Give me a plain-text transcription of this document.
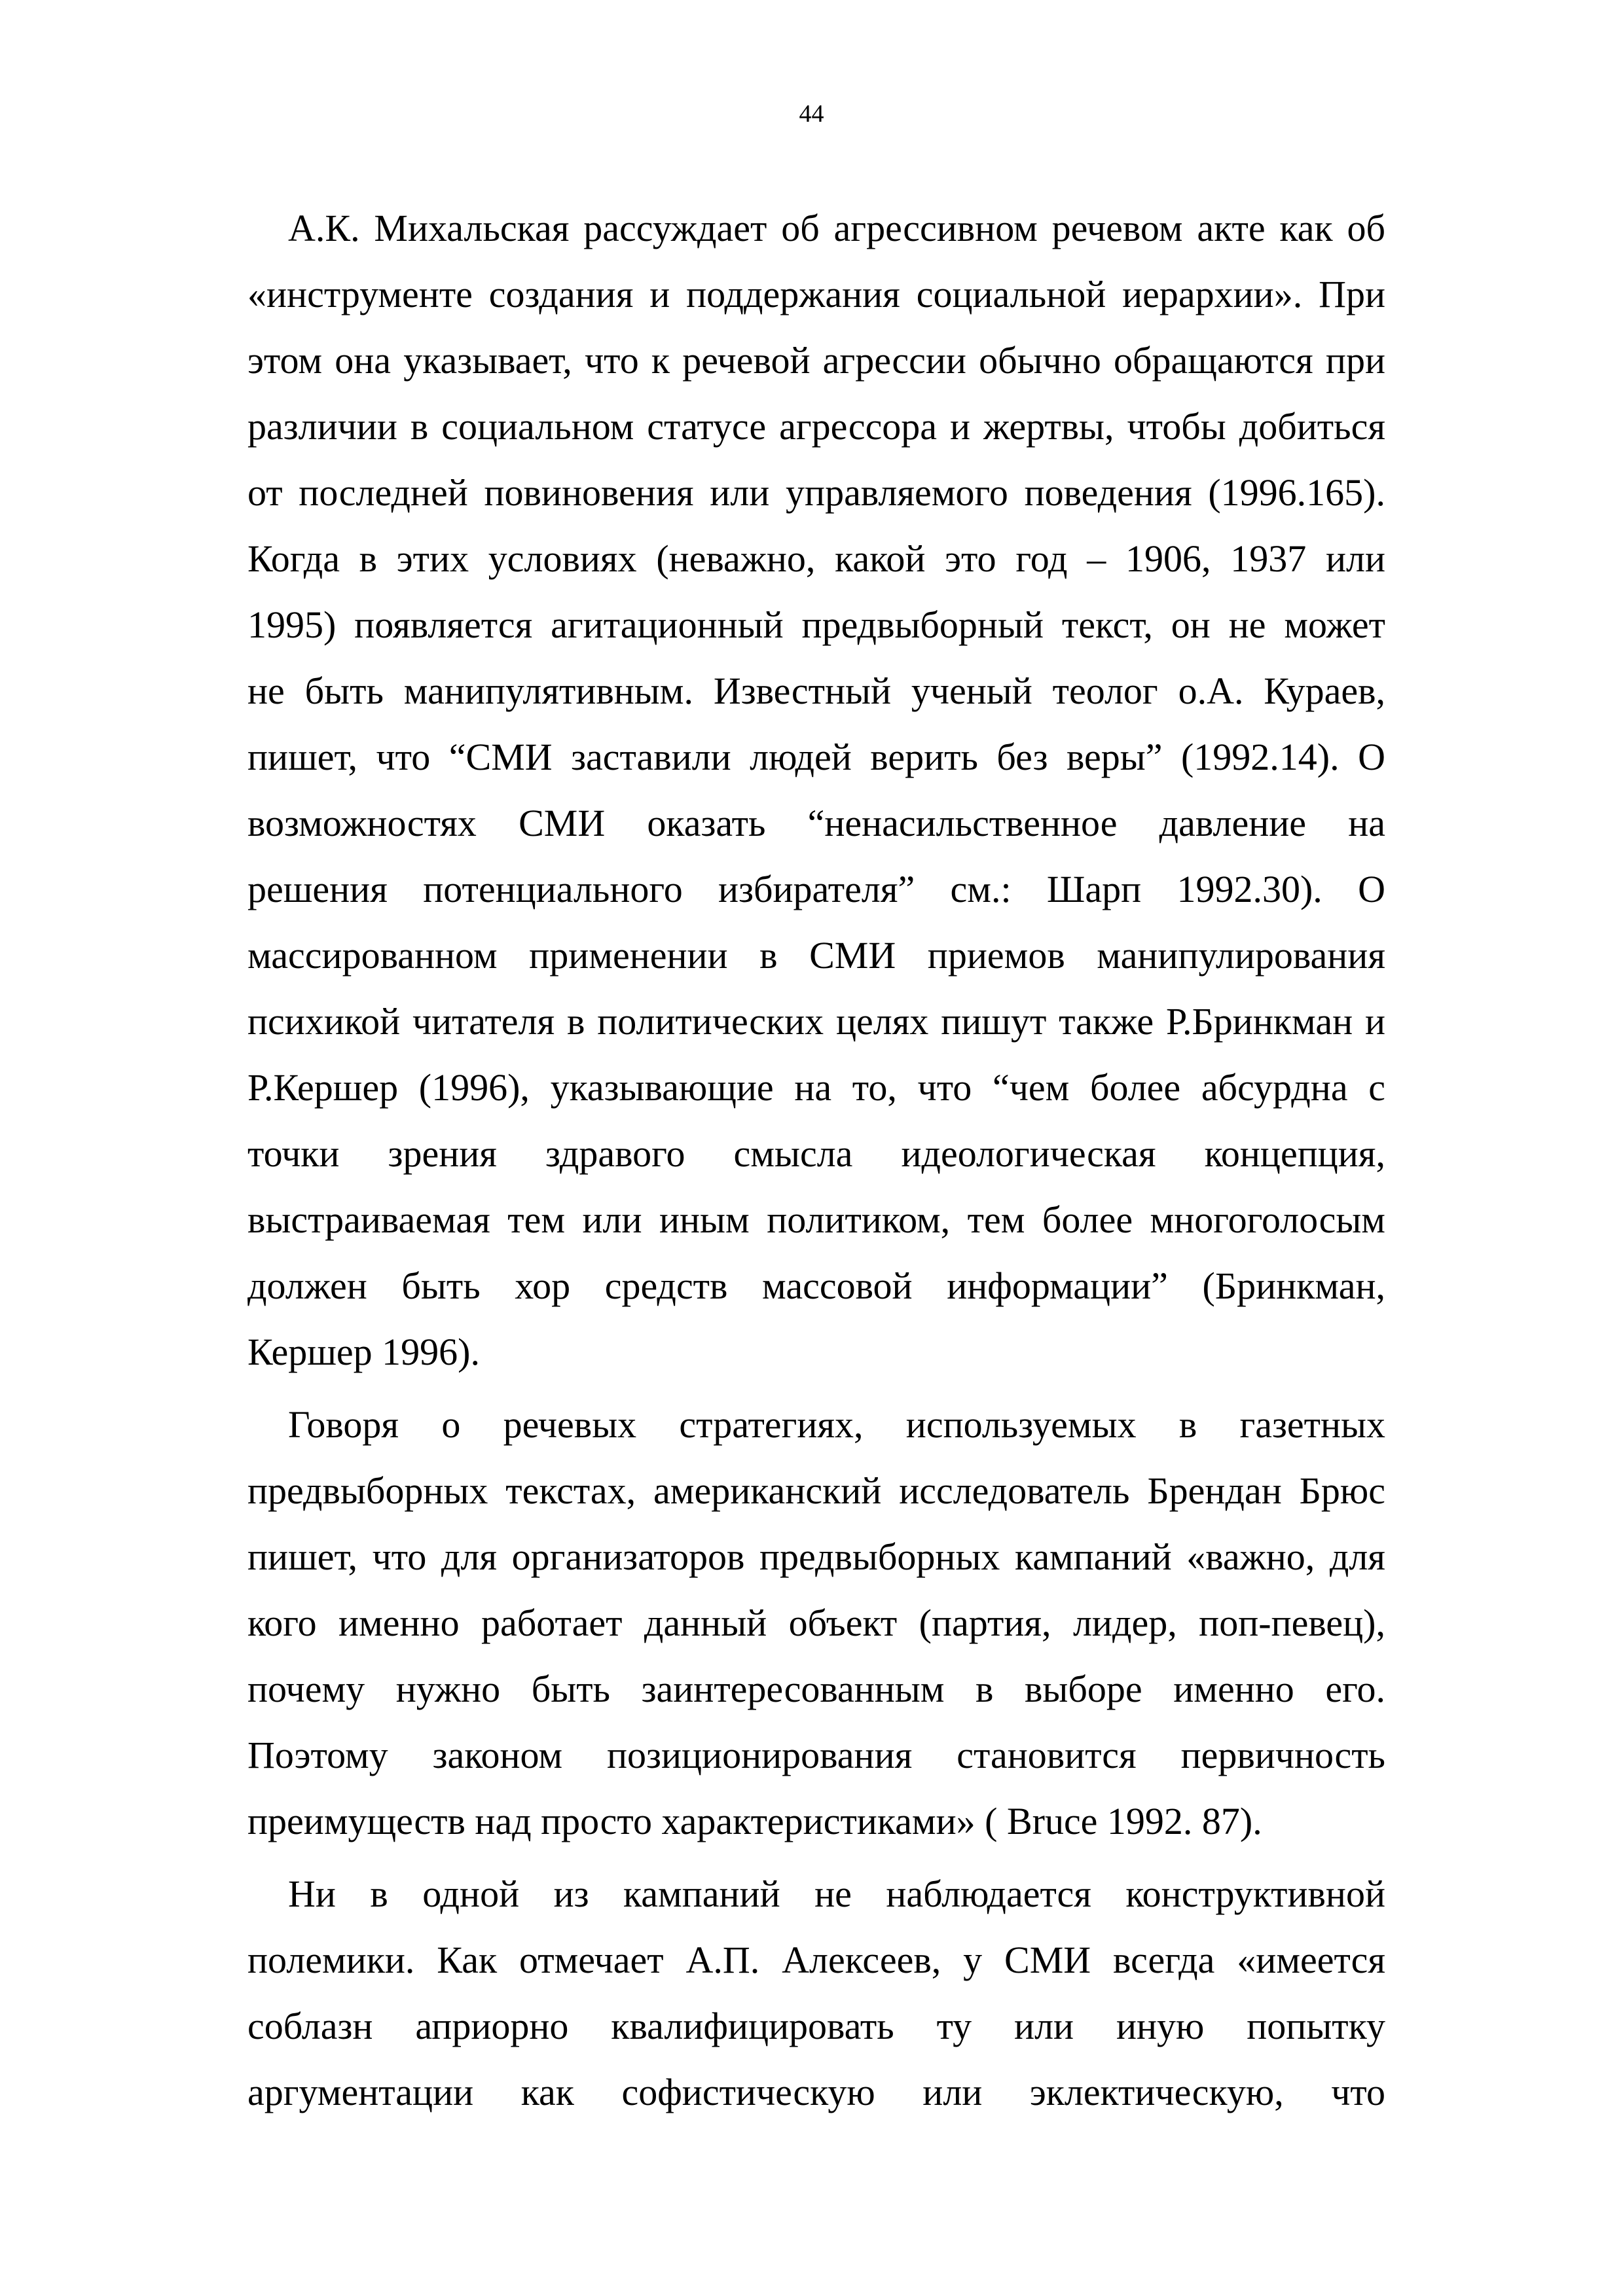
44
А.К. Михальская рассуждает об агрессивном речевом акте как об
«инструменте создания и поддержания социальной иерархии». При
этом она указывает, что к речевой агрессии обычно обращаются при
различии в социальном статусе агрессора и жертвы, чтобы добиться
от последней повиновения или управляемого поведения (1996.165).
Когда в этих условиях (неважно, какой это год – 1906, 1937 или
1995) появляется агитационный предвыборный текст, он не может
не быть манипулятивным. Известный ученый теолог о.А. Кураев,
пишет, что “СМИ заставили людей верить без веры” (1992.14). О
возможностях СМИ оказать “ненасильственное давление на
решения потенциального избирателя” см.: Шарп 1992.30). О
массированном применении в СМИ приемов манипулирования
психикой читателя в политических целях пишут также Р.Бринкман и
Р.Кершер (1996), указывающие на то, что “чем более абсурдна с
точки зрения здравого смысла идеологическая концепция,
выстраиваемая тем или иным политиком, тем более многоголосым
должен быть хор средств массовой информации” (Бринкман,
Кершер 1996).
Говоря о речевых стратегиях, используемых в газетных
предвыборных текстах, американский исследователь Брендан Брюс
пишет, что для организаторов предвыборных кампаний «важно, для
кого именно работает данный объект (партия, лидер, поп-певец),
почему нужно быть заинтересованным в выборе именно его.
Поэтому законом позиционирования становится первичность
преимуществ над просто характеристиками» ( Bruce 1992. 87).
Ни в одной из кампаний не наблюдается конструктивной
полемики. Как отмечает А.П. Алексеев, у СМИ всегда «имеется
соблазн априорно квалифицировать ту или иную попытку
аргументации как софистическую или эклектическую, что
